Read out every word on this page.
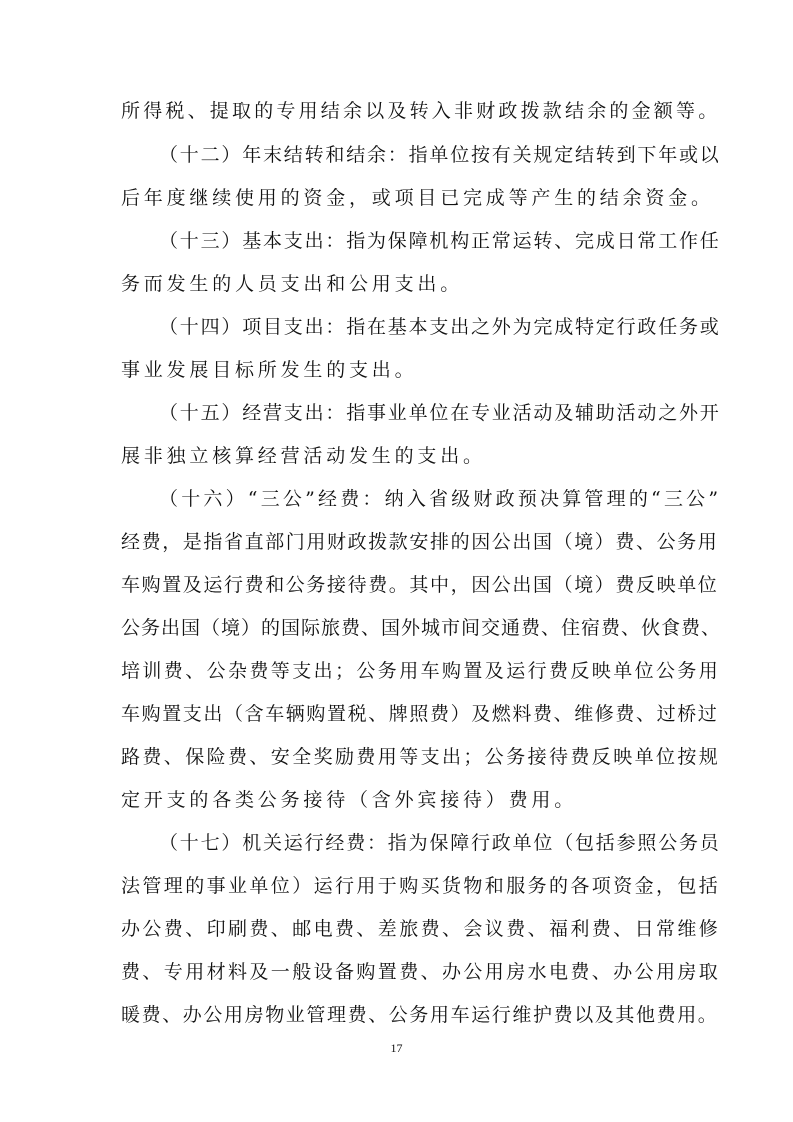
所得税、提取的专用结余以及转入非财政拨款结余的金额等。
（十二）年末结转和结余：指单位按有关规定结转到下年或以
后年度继续使用的资金，或项目已完成等产生的结余资金。
（十三）基本支出：指为保障机构正常运转、完成日常工作任
务而发生的人员支出和公用支出。
（十四）项目支出：指在基本支出之外为完成特定行政任务或
事业发展目标所发生的支出。
（十五）经营支出：指事业单位在专业活动及辅助活动之外开
展非独立核算经营活动发生的支出。
（十六）“三公”经费：纳入省级财政预决算管理的“三公”
经费，是指省直部门用财政拨款安排的因公出国（境）费、公务用
车购置及运行费和公务接待费。其中，因公出国（境）费反映单位
公务出国（境）的国际旅费、国外城市间交通费、住宿费、伙食费、
培训费、公杂费等支出；公务用车购置及运行费反映单位公务用
车购置支出（含车辆购置税、牌照费）及燃料费、维修费、过桥过
路费、保险费、安全奖励费用等支出；公务接待费反映单位按规
定开支的各类公务接待（含外宾接待）费用。
（十七）机关运行经费：指为保障行政单位（包括参照公务员
法管理的事业单位）运行用于购买货物和服务的各项资金，包括
办公费、印刷费、邮电费、差旅费、会议费、福利费、日常维修
费、专用材料及一般设备购置费、办公用房水电费、办公用房取
暖费、办公用房物业管理费、公务用车运行维护费以及其他费用。
17
